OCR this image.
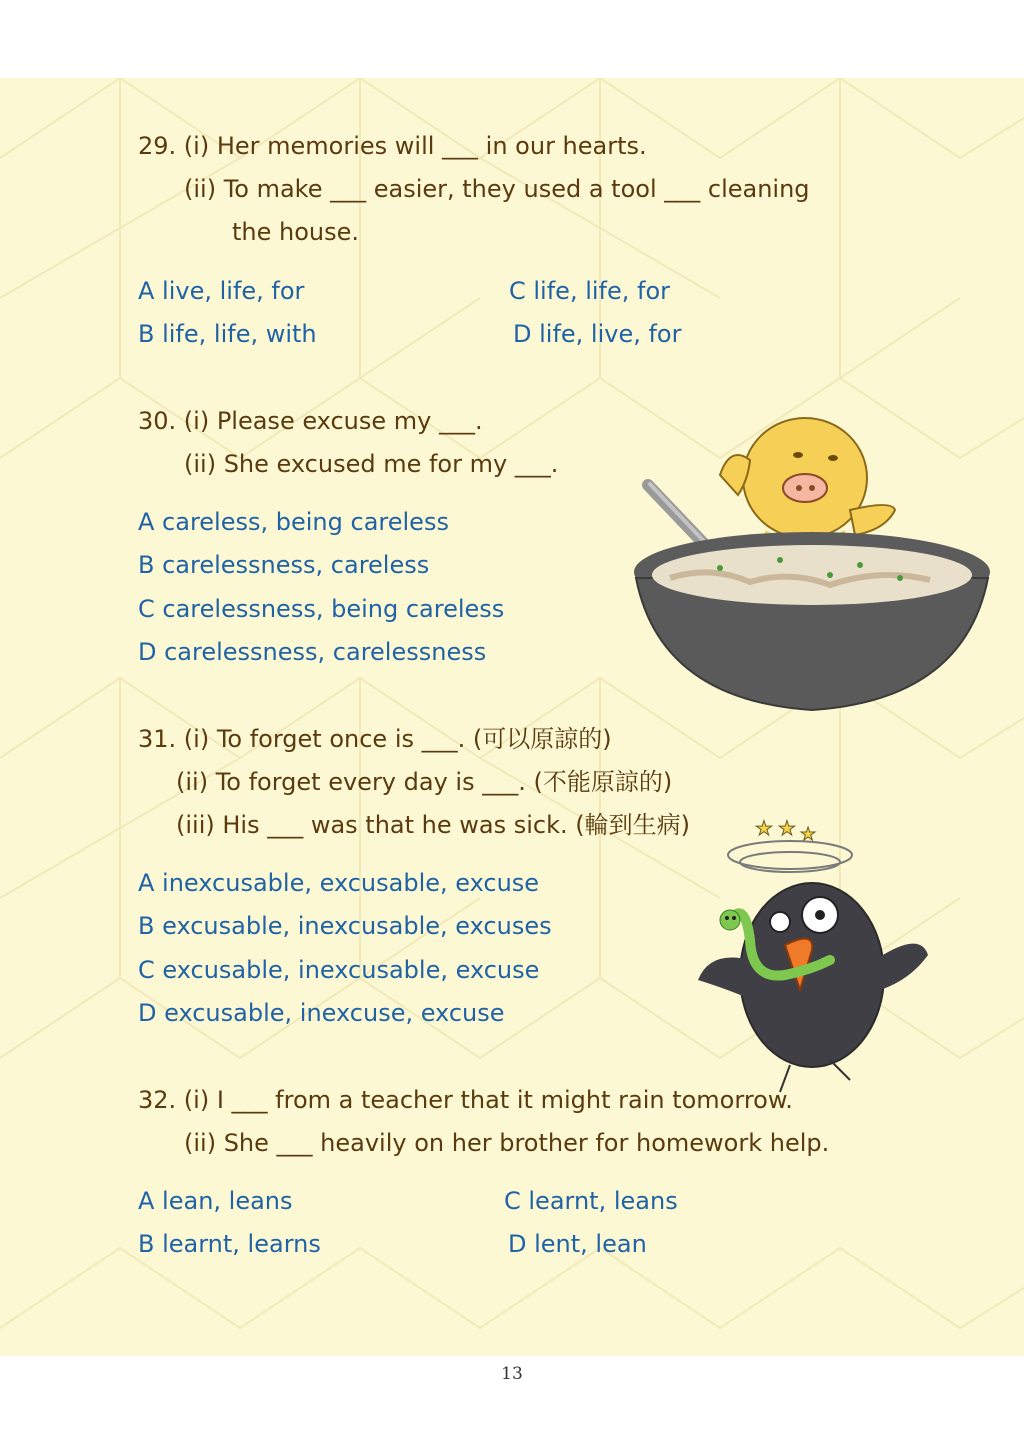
29. (i) Her memories will ___ in our hearts.
(ii) To make ___ easier, they used a tool ___ cleaning
the house.
A live, life, for
B life, life, with
C life, life, for
D life, live, for
30. (i) Please excuse my ___.
(ii) She excused me for my ___.
A careless, being careless
B carelessness, careless
C carelessness, being careless
D carelessness, carelessness
31. (i) To forget once is ___. (可以原諒的)
(ii) To forget every day is ___. (不能原諒的)
(iii) His ___ was that he was sick. (輪到生病)
A inexcusable, excusable, excuse
B excusable, inexcusable, excuses
C excusable, inexcusable, excuse
D excusable, inexcuse, excuse
32. (i) I ___ from a teacher that it might rain tomorrow.
(ii) She ___ heavily on her brother for homework help.
A lean, leans
B learnt, learns
C learnt, leans
D lent, lean
★ ★ ★
13
